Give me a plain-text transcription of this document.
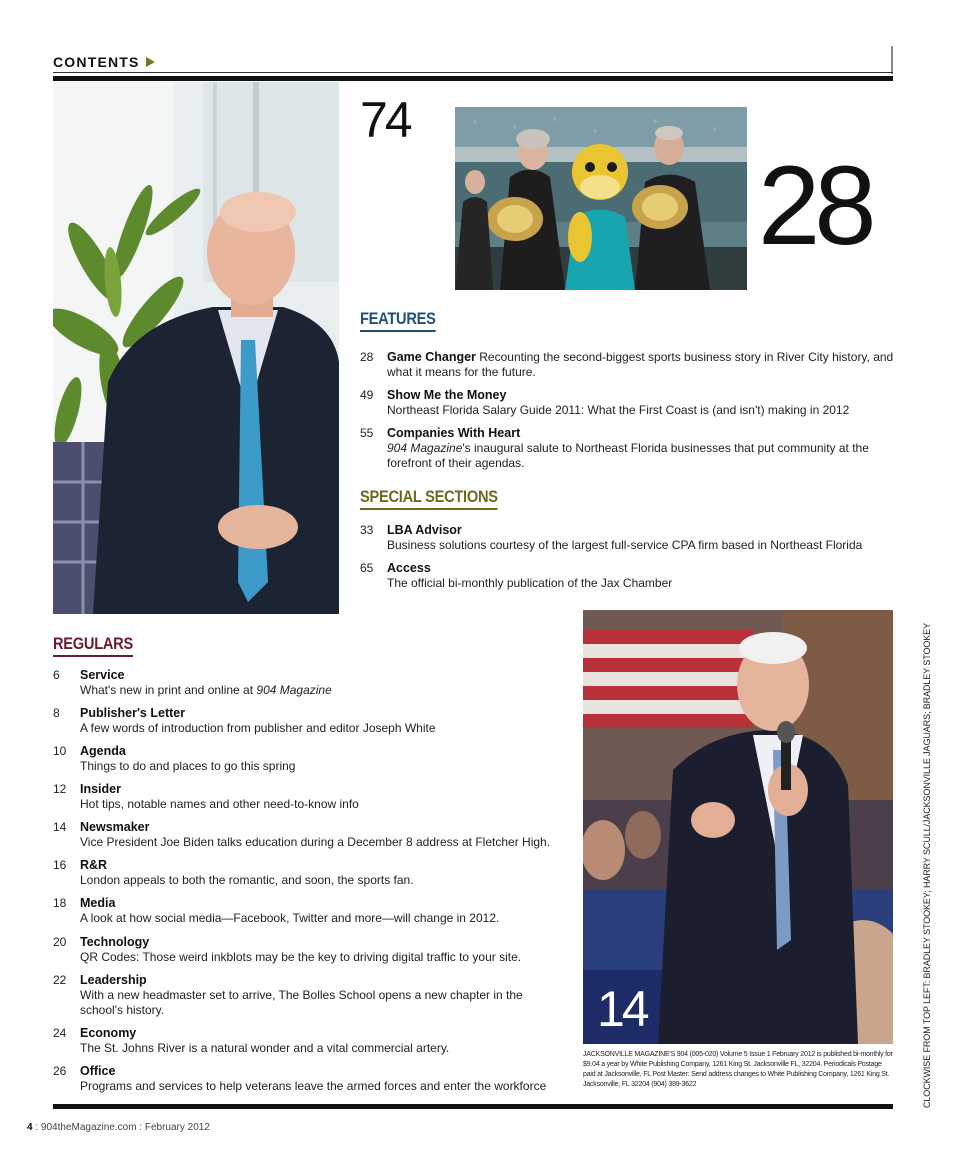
CONTENTS
74
28
14
FEATURES
28 Game Changer Recounting the second-biggest sports business story in River City history, and what it means for the future.
49 Show Me the Money
Northeast Florida Salary Guide 2011: What the First Coast is (and isn't) making in 2012
55 Companies With Heart
904 Magazine's inaugural salute to Northeast Florida businesses that put community at the forefront of their agendas.
SPECIAL SECTIONS
33 LBA Advisor
Business solutions courtesy of the largest full-service CPA firm based in Northeast Florida
65 Access
The official bi-monthly publication of the Jax Chamber
REGULARS
6 Service
What's new in print and online at 904 Magazine
8 Publisher's Letter
A few words of introduction from publisher and editor Joseph White
10 Agenda
Things to do and places to go this spring
12 Insider
Hot tips, notable names and other need-to-know info
14 Newsmaker
Vice President Joe Biden talks education during a December 8 address at Fletcher High.
16 R&R
London appeals to both the romantic, and soon, the sports fan.
18 Media
A look at how social media—Facebook, Twitter and more—will change in 2012.
20 Technology
QR Codes: Those weird inkblots may be the key to driving digital traffic to your site.
22 Leadership
With a new headmaster set to arrive, The Bolles School opens a new chapter in the school's history.
24 Economy
The St. Johns River is a natural wonder and a vital commercial artery.
26 Office
Programs and services to help veterans leave the armed forces and enter the workforce
JACKSONVILLE MAGAZINE'S 904 (005-020) Volume 5 Issue 1 February 2012 is published bi-monthly for $9.04 a year by White Publishing Company, 1261 King St. Jacksonville FL, 32204. Periodicals Postage paid at Jacksonville, FL Post Master: Send address changes to White Publishing Company, 1261 King St. Jacksonville, FL 32204 (904) 389-3622
4 : 904theMagazine.com : February 2012
CLOCKWISE FROM TOP LEFT: BRADLEY STOOKEY; HARRY SCULL/JACKSONVILLE JAGUARS; BRADLEY STOOKEY
